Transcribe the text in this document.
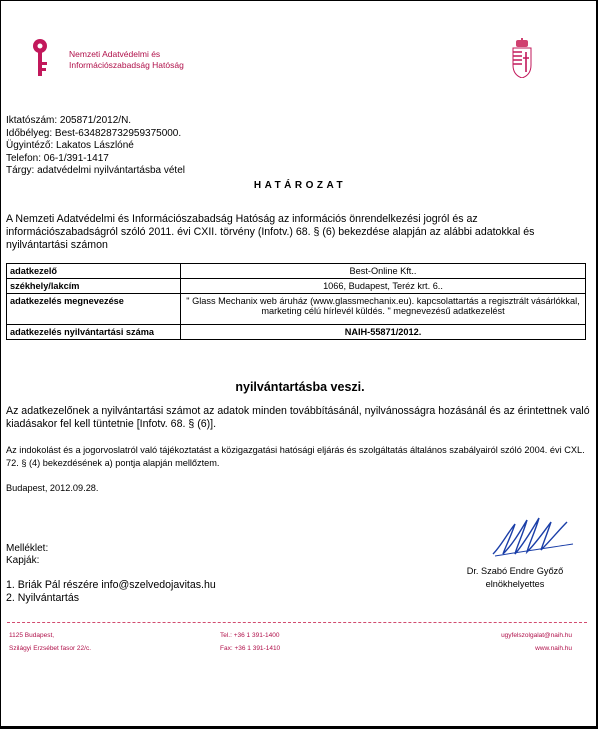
Nemzeti Adatvédelmi és
Információszabadság Hatóság
Iktatószám: 205871/2012/N.
Időbélyeg: Best-634828732959375000.
Ügyintéző: Lakatos Lászlóné
Telefon: 06-1/391-1417
Tárgy: adatvédelmi nyilvántartásba vétel
HATÁROZAT
A Nemzeti Adatvédelmi és Információszabadság Hatóság az információs önrendelkezési jogról és az információszabadságról szóló 2011. évi CXII. törvény (Infotv.) 68. § (6) bekezdése alapján az alábbi adatokkal és nyilvántartási számon
adatkezelő	Best-Online Kft..
székhely/lakcím	1066, Budapest, Teréz krt. 6..
adatkezelés megnevezése	" Glass Mechanix web áruház (www.glassmechanix.eu). kapcsolattartás a regisztrált vásárlókkal, marketing célú hírlevél küldés. " megnevezésű adatkezelést
adatkezelés nyilvántartási száma	NAIH-55871/2012.
nyilvántartásba veszi.
Az adatkezelőnek a nyilvántartási számot az adatok minden továbbításánál, nyilvánosságra hozásánál és az érintettnek való kiadásakor fel kell tüntetnie [Infotv. 68. § (6)].
Az indokolást és a jogorvoslatról való tájékoztatást a közigazgatási hatósági eljárás és szolgáltatás általános szabályairól szóló 2004. évi CXL. 72. § (4) bekezdésének a) pontja alapján mellőztem.
Budapest, 2012.09.28.
Melléklet:
Kapják:
1. Briák Pál részére info@szelvedojavitas.hu
2. Nyilvántartás
Dr. Szabó Endre Győző
elnökhelyettes
1125 Budapest,
Szilágyi Erzsébet fasor 22/c.
Tel.: +36 1 391-1400
Fax: +36 1 391-1410
ugyfelszolgalat@naih.hu
www.naih.hu
